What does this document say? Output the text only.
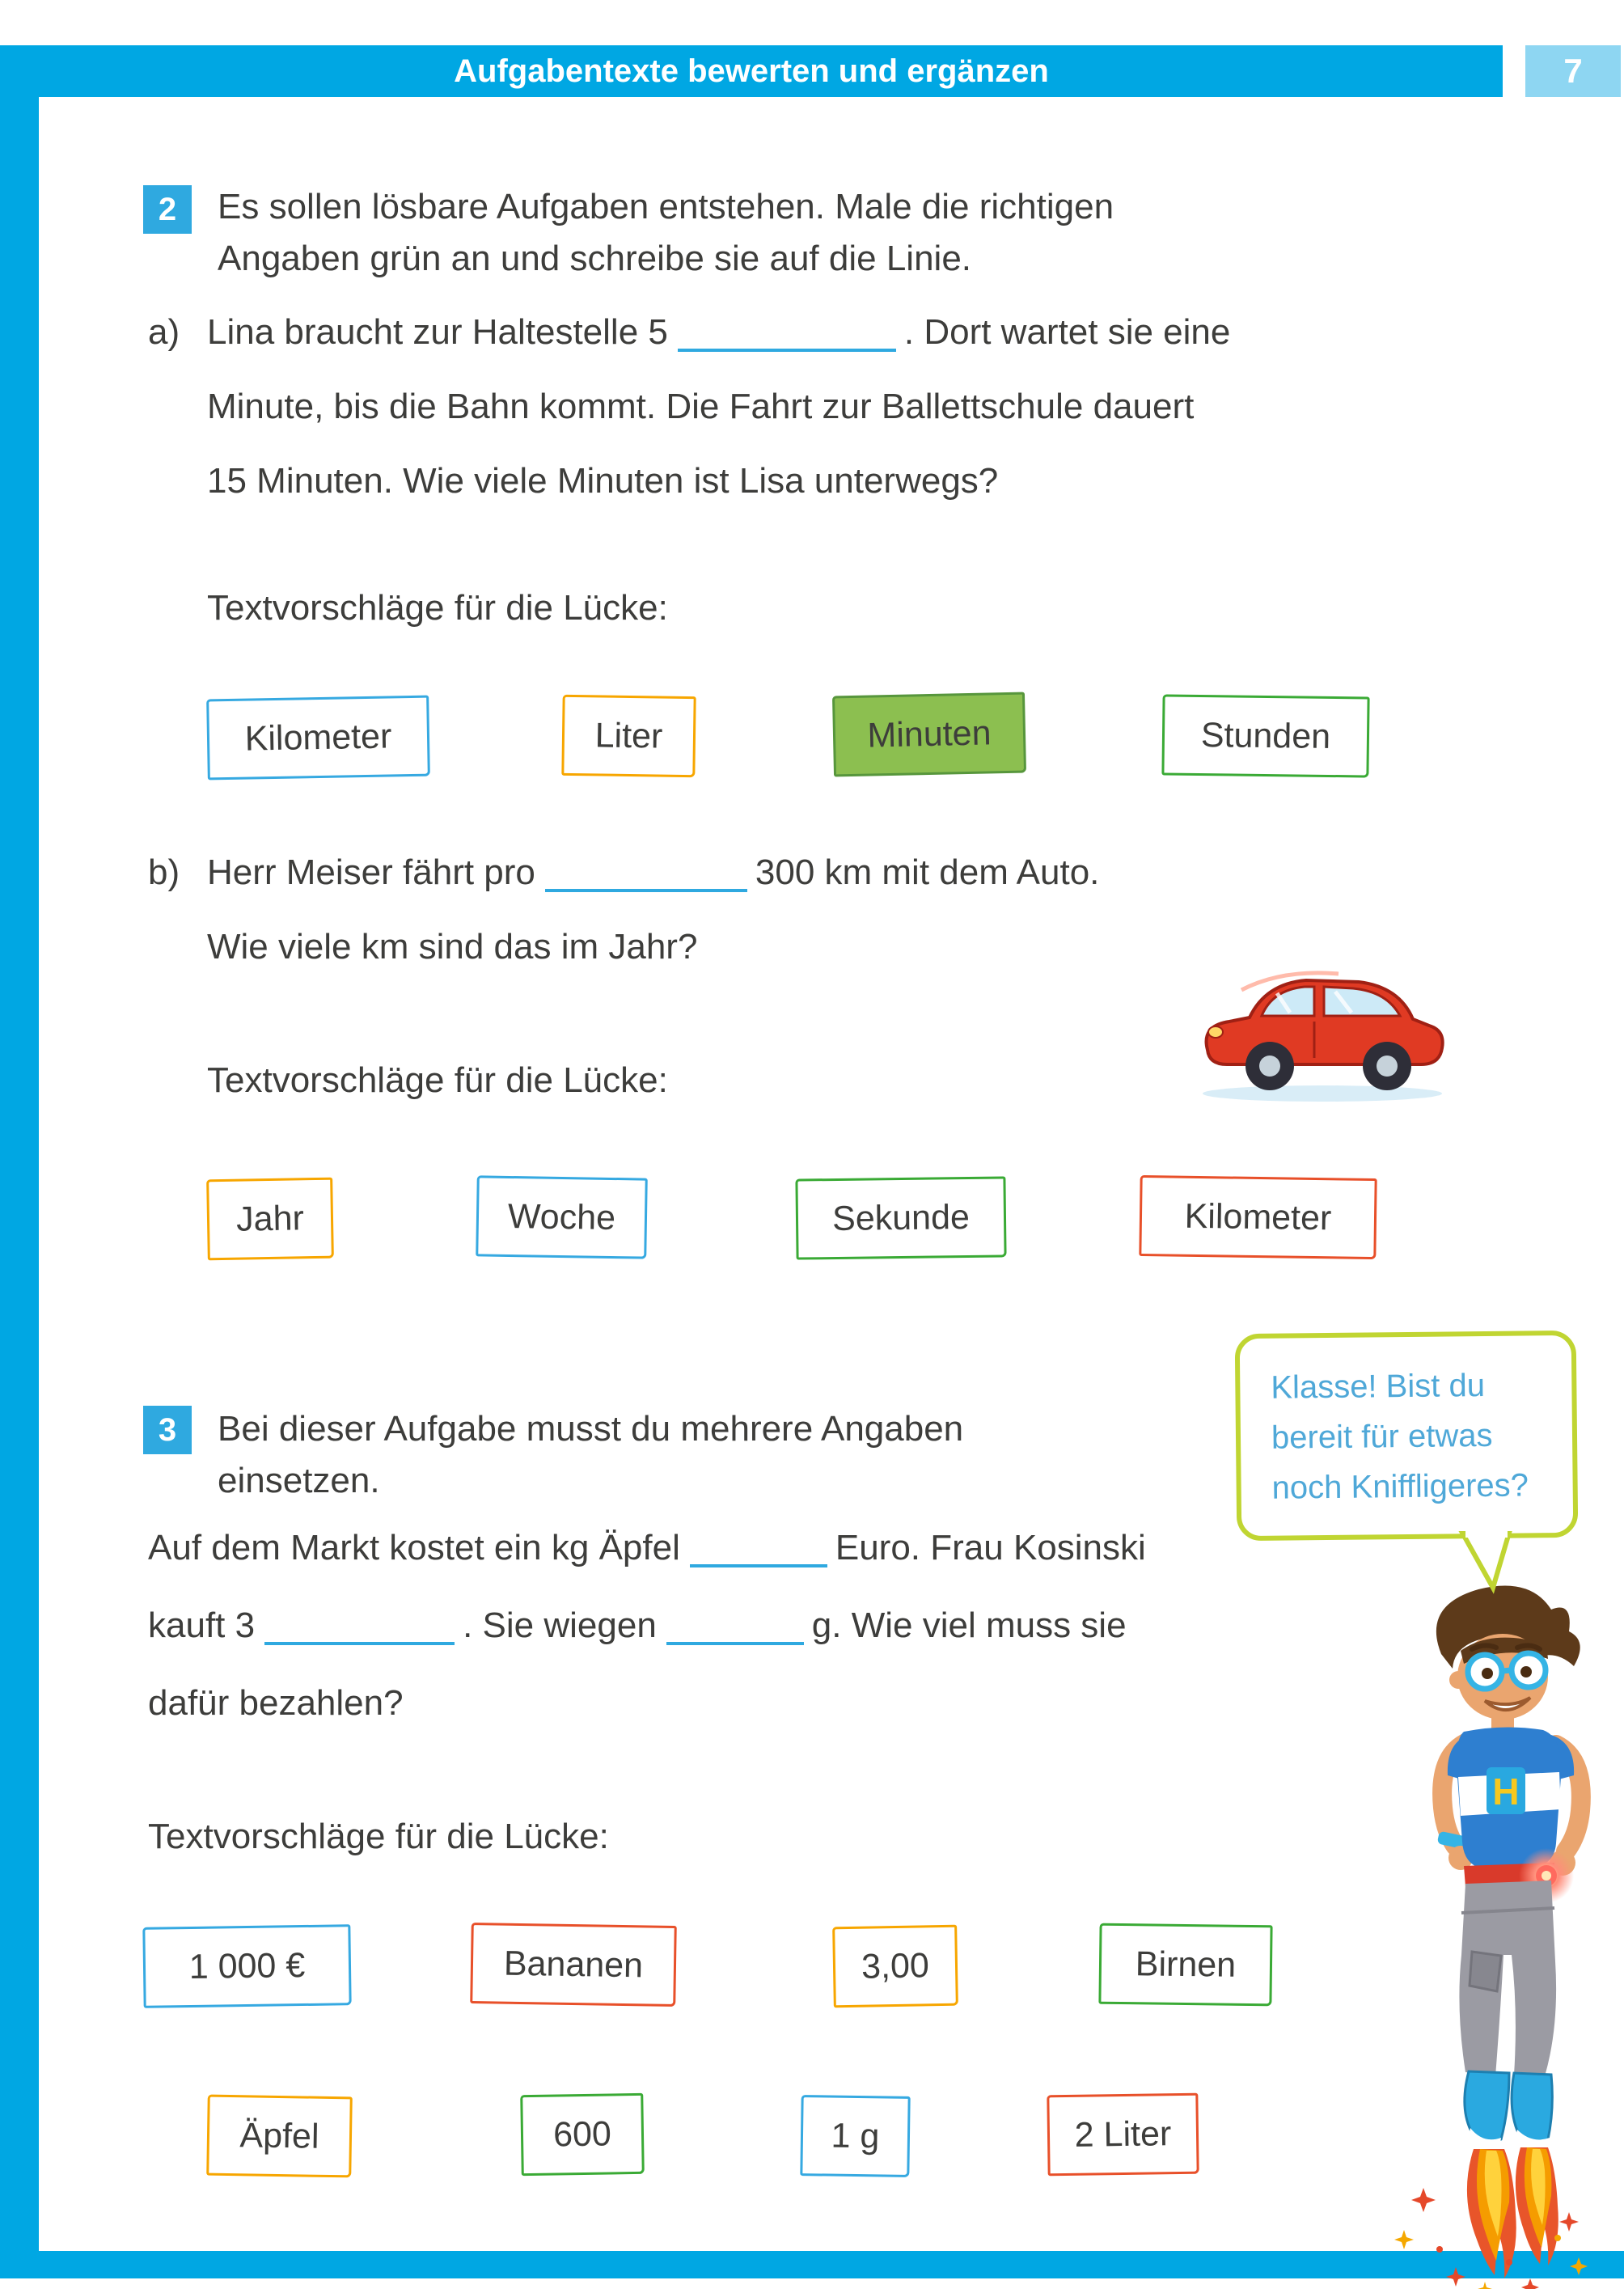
Aufgabentexte bewerten und ergänzen	7
2 Es sollen lösbare Aufgaben entstehen. Male die richtigen
Angaben grün an und schreibe sie auf die Linie.
a) Lina braucht zur Haltestelle 5	. Dort wartet sie eine
Minute, bis die Bahn kommt. Die Fahrt zur Ballettschule dauert
15 Minuten. Wie viele Minuten ist Lisa unterwegs?
Textvorschläge für die Lücke:
Kilometer	Liter	Minuten	Stunden
b) Herr Meiser fährt pro	300 km mit dem Auto.
Wie viele km sind das im Jahr?
Textvorschläge für die Lücke:
Jahr	Woche	Sekunde	Kilometer
3 Bei dieser Aufgabe musst du mehrere Angaben
einsetzen.
Klasse! Bist du
bereit für etwas
noch Kniffligeres?
Auf dem Markt kostet ein kg Äpfel	Euro. Frau Kosinski
kauft 3	. Sie wiegen	g. Wie viel muss sie
dafür bezahlen?
Textvorschläge für die Lücke:
1 000 €	Bananen	3,00	Birnen
Äpfel	600	1 g	2 Liter
H
